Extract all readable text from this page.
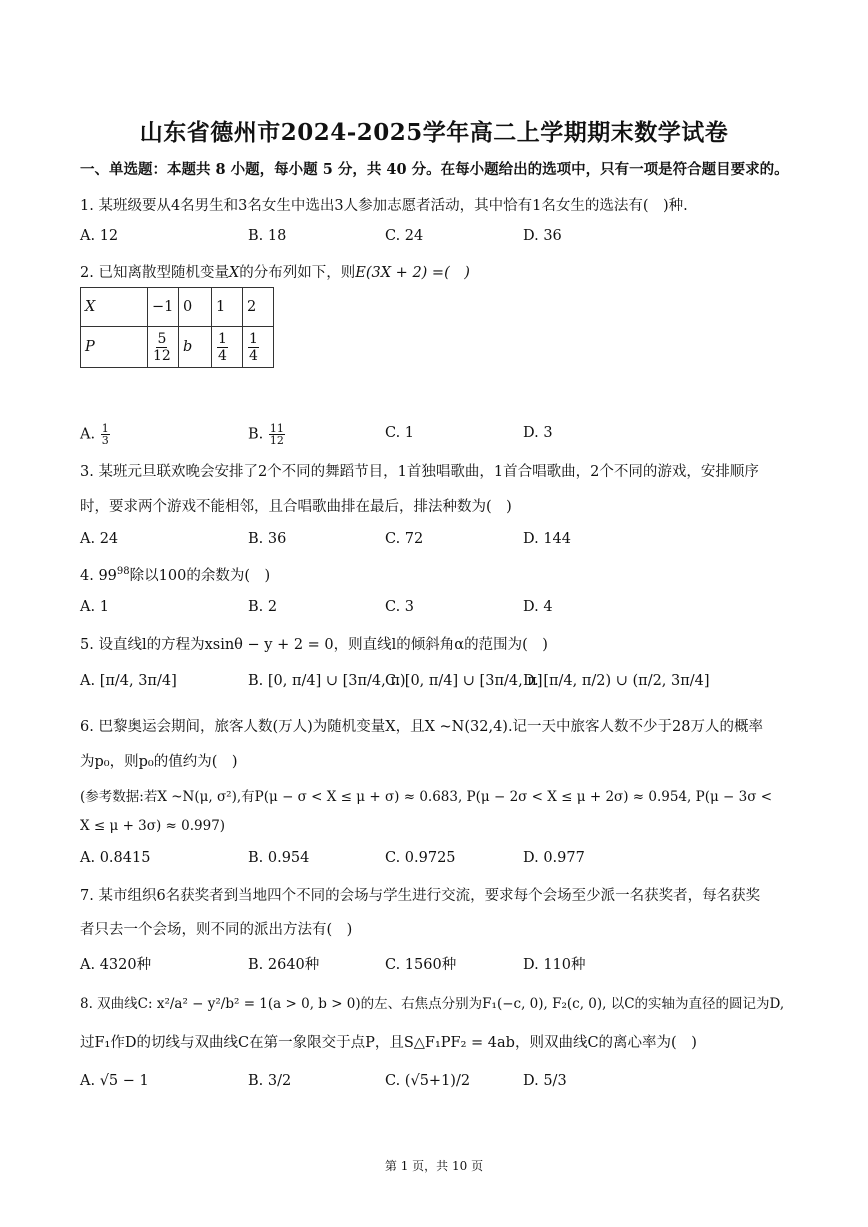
山东省德州市2024-2025学年高二上学期期末数学试卷
一、单选题：本题共 8 小题，每小题 5 分，共 40 分。在每小题给出的选项中，只有一项是符合题目要求的。
1. 某班级要从4名男生和3名女生中选出3人参加志愿者活动，其中恰有1名女生的选法有(　)种.
A. 12	B. 18	C. 24	D. 36
2. 已知离散型随机变量X的分布列如下，则E(3X + 2) =(　)
X	−1	0	1	2
P	$\frac{5}{12}$	b	$\frac{1}{4}$	$\frac{1}{4}$
A. $\frac{1}{3}$	B. $\frac{11}{12}$	C. 1	D. 3
3. 某班元旦联欢晚会安排了2个不同的舞蹈节目，1首独唱歌曲，1首合唱歌曲，2个不同的游戏，安排顺序
时，要求两个游戏不能相邻，且合唱歌曲排在最后，排法种数为(　)
A. 24	B. 36	C. 72	D. 144
4. $99^{98}$除以100的余数为(　)
A. 1	B. 2	C. 3	D. 4
5. 设直线l的方程为xsinθ − y + 2 = 0，则直线l的倾斜角α的范围为(　)
A. [π/4, 3π/4]	B. [0, π/4] ∪ [3π/4, π)
C. [0, π/4] ∪ [3π/4, π]
D. [π/4, π/2) ∪ (π/2, 3π/4]
6. 巴黎奥运会期间，旅客人数(万人)为随机变量X，且X ~N(32,4).记一天中旅客人数不少于28万人的概率
为p₀，则p₀的值约为(　)
(参考数据:若X ~N(μ, σ²),有P(μ − σ < X ≤ μ + σ) ≈ 0.683, P(μ − 2σ < X ≤ μ + 2σ) ≈ 0.954, P(μ − 3σ <
X ≤ μ + 3σ) ≈ 0.997)
A. 0.8415	B. 0.954	C. 0.9725	D. 0.977
7. 某市组织6名获奖者到当地四个不同的会场与学生进行交流，要求每个会场至少派一名获奖者，每名获奖
者只去一个会场，则不同的派出方法有(　)
A. 4320种	B. 2640种	C. 1560种	D. 110种
8. 双曲线C: x²/a² − y²/b² = 1(a > 0, b > 0)的左、右焦点分别为F₁(−c, 0), F₂(c, 0), 以C的实轴为直径的圆记为D,
过F₁作D的切线与双曲线C在第一象限交于点P，且S△F₁PF₂ = 4ab，则双曲线C的离心率为(　)
A. √5 − 1	B. 3/2	C. (√5+1)/2	D. 5/3
第 1 页，共 10 页
